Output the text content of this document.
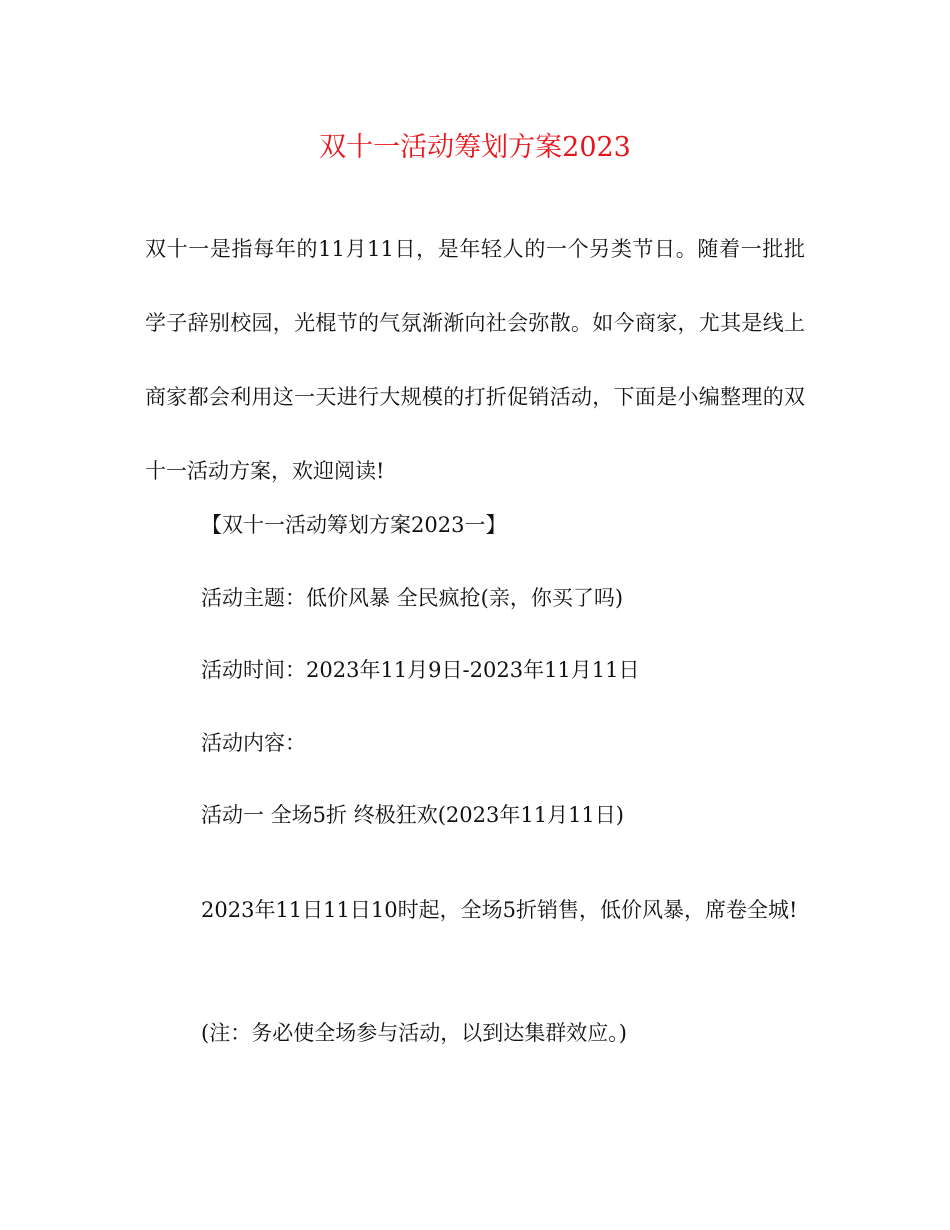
双十一活动筹划方案2023

双十一是指每年的11月11日，是年轻人的一个另类节日。随着一批批学子辞别校园，光棍节的气氛渐渐向社会弥散。如今商家，尤其是线上商家都会利用这一天进行大规模的打折促销活动，下面是小编整理的双十一活动方案，欢迎阅读!

【双十一活动筹划方案2023一】

活动主题：低价风暴 全民疯抢(亲，你买了吗)

活动时间：2023年11月9日-2023年11月11日

活动内容：

活动一 全场5折 终极狂欢(2023年11月11日)

2023年11日11日10时起，全场5折销售，低价风暴，席卷全城!

(注：务必使全场参与活动，以到达集群效应。)
